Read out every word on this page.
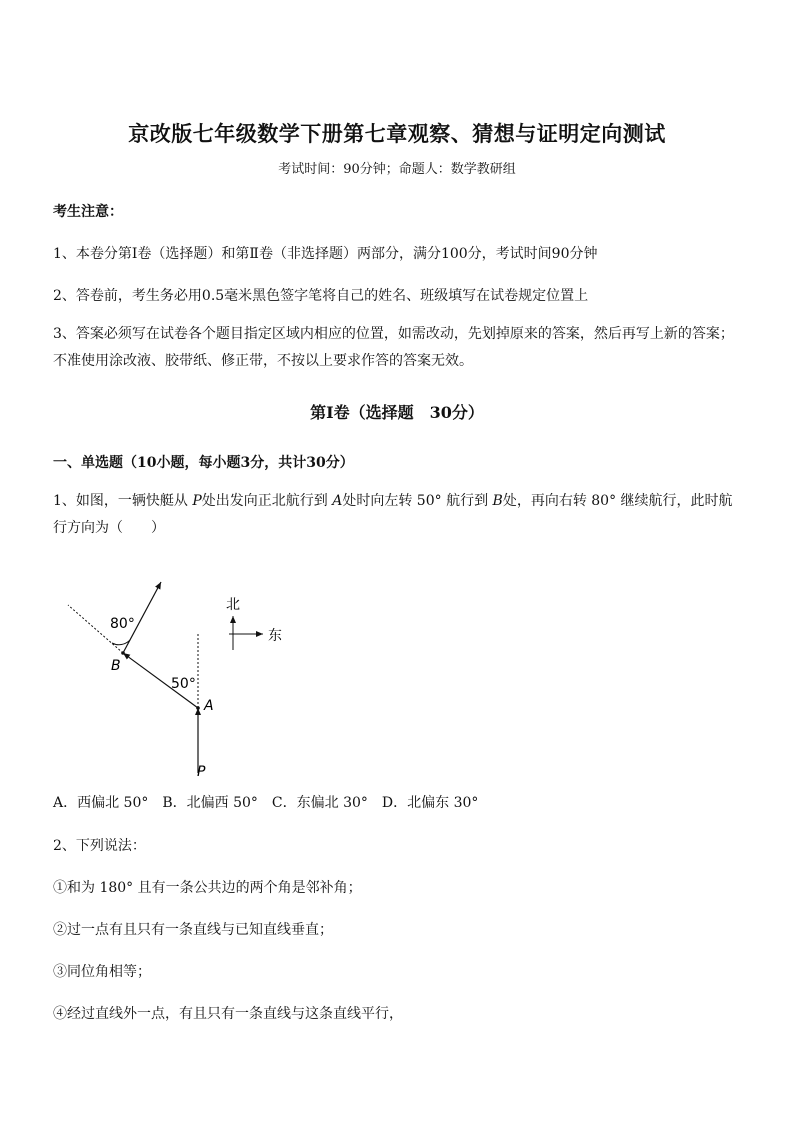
京改版七年级数学下册第七章观察、猜想与证明定向测试
考试时间：90分钟；命题人：数学教研组
考生注意：
1、本卷分第Ⅰ卷（选择题）和第Ⅱ卷（非选择题）两部分，满分100分，考试时间90分钟
2、答卷前，考生务必用0.5毫米黑色签字笔将自己的姓名、班级填写在试卷规定位置上
3、答案必须写在试卷各个题目指定区域内相应的位置，如需改动，先划掉原来的答案，然后再写上新的答案；不准使用涂改液、胶带纸、修正带，不按以上要求作答的答案无效。
第Ⅰ卷（选择题　30分）
一、单选题（10小题，每小题3分，共计30分）
1、如图，一辆快艇从 P处出发向正北航行到 A处时向左转 50° 航行到 B处，再向右转 80° 继续航行，此时航行方向为（　　）
80°
50°
B
A
P
北
东
A．西偏北 50°　B．北偏西 50°　C．东偏北 30°　D．北偏东 30°
2、下列说法：
①和为 180° 且有一条公共边的两个角是邻补角；
②过一点有且只有一条直线与已知直线垂直；
③同位角相等；
④经过直线外一点，有且只有一条直线与这条直线平行，
